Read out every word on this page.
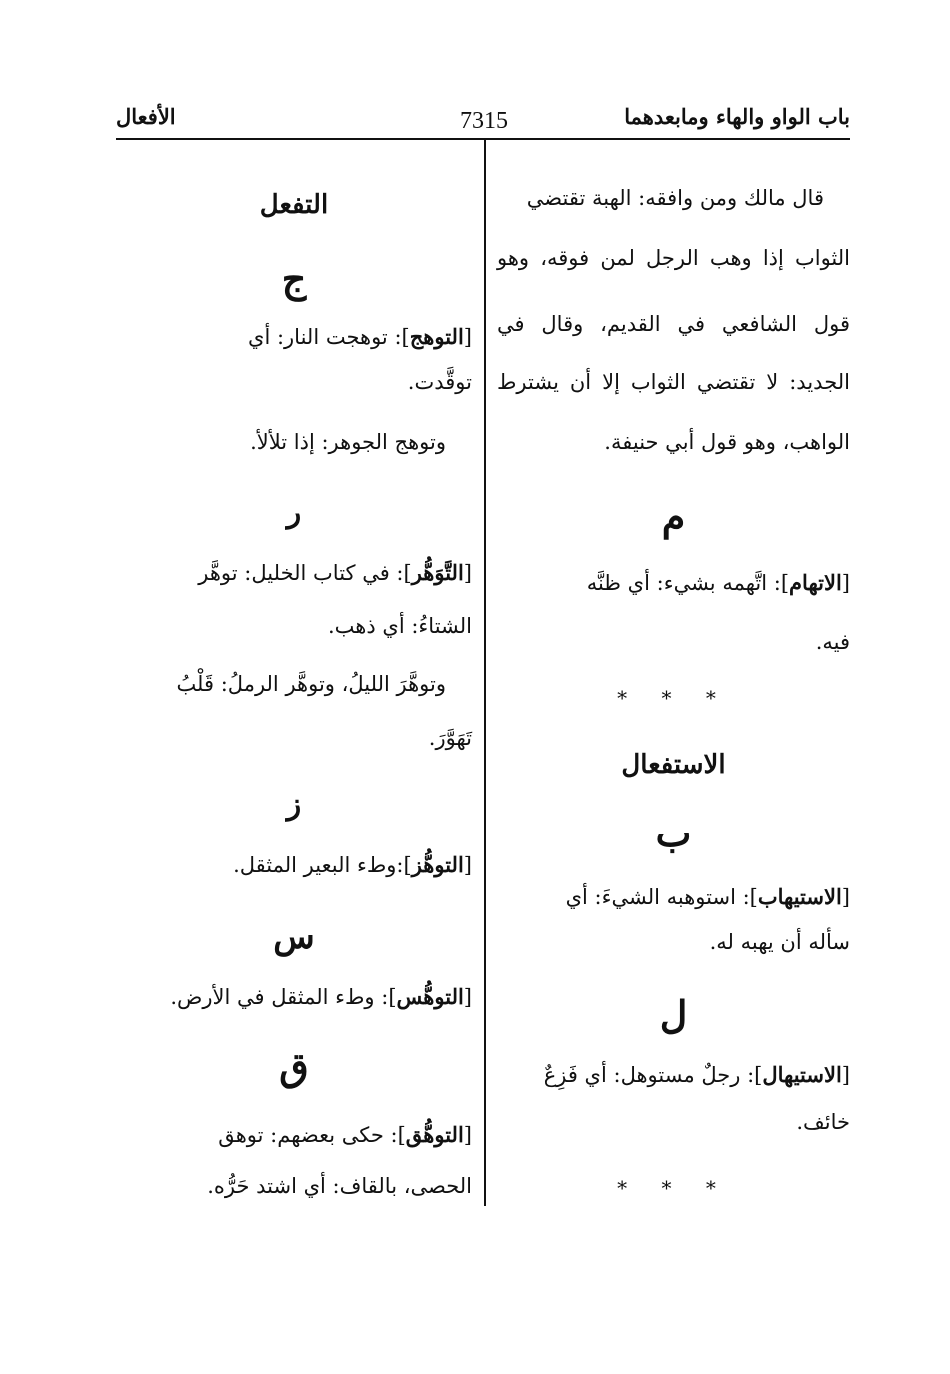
باب الواو والهاء ومابعدهما
7315
الأفعال
قال مالك ومن وافقه: الهبة تقتضي
الثواب إذا وهب الرجل لمن فوقه، وهو
قول الشافعي في القديم، وقال في
الجديد: لا تقتضي الثواب إلا أن يشترط
الواهب، وهو قول أبي حنيفة.
م
[الاتهام]: اتَّهمه بشيء: أي ظنَّه
فيه.
* * *
الاستفعال
ب
[الاستيهاب]: استوهبه الشيءَ: أي
سأله أن يهبه له.
ل
[الاستيهال]: رجلٌ مستوهل: أي فَزِعٌ
خائف.
* * *
التفعل
ج
[التوهج]: توهجت النار: أي
توقَّدت.
وتوهج الجوهر: إذا تلألأ.
ر
[التَّوَهُّر]: في كتاب الخليل: توهَّر
الشتاءُ: أي ذهب.
وتوهَّرَ الليلُ، وتوهَّر الرملُ: قَلْبُ
تَهَوَّرَ.
ز
[التوهُّز]:وطء البعير المثقل.
س
[التوهُّس]: وطء المثقل في الأرض.
ق
[التوهُّق]: حكى بعضهم: توهق
الحصى، بالقاف: أي اشتد حَرُّه.
